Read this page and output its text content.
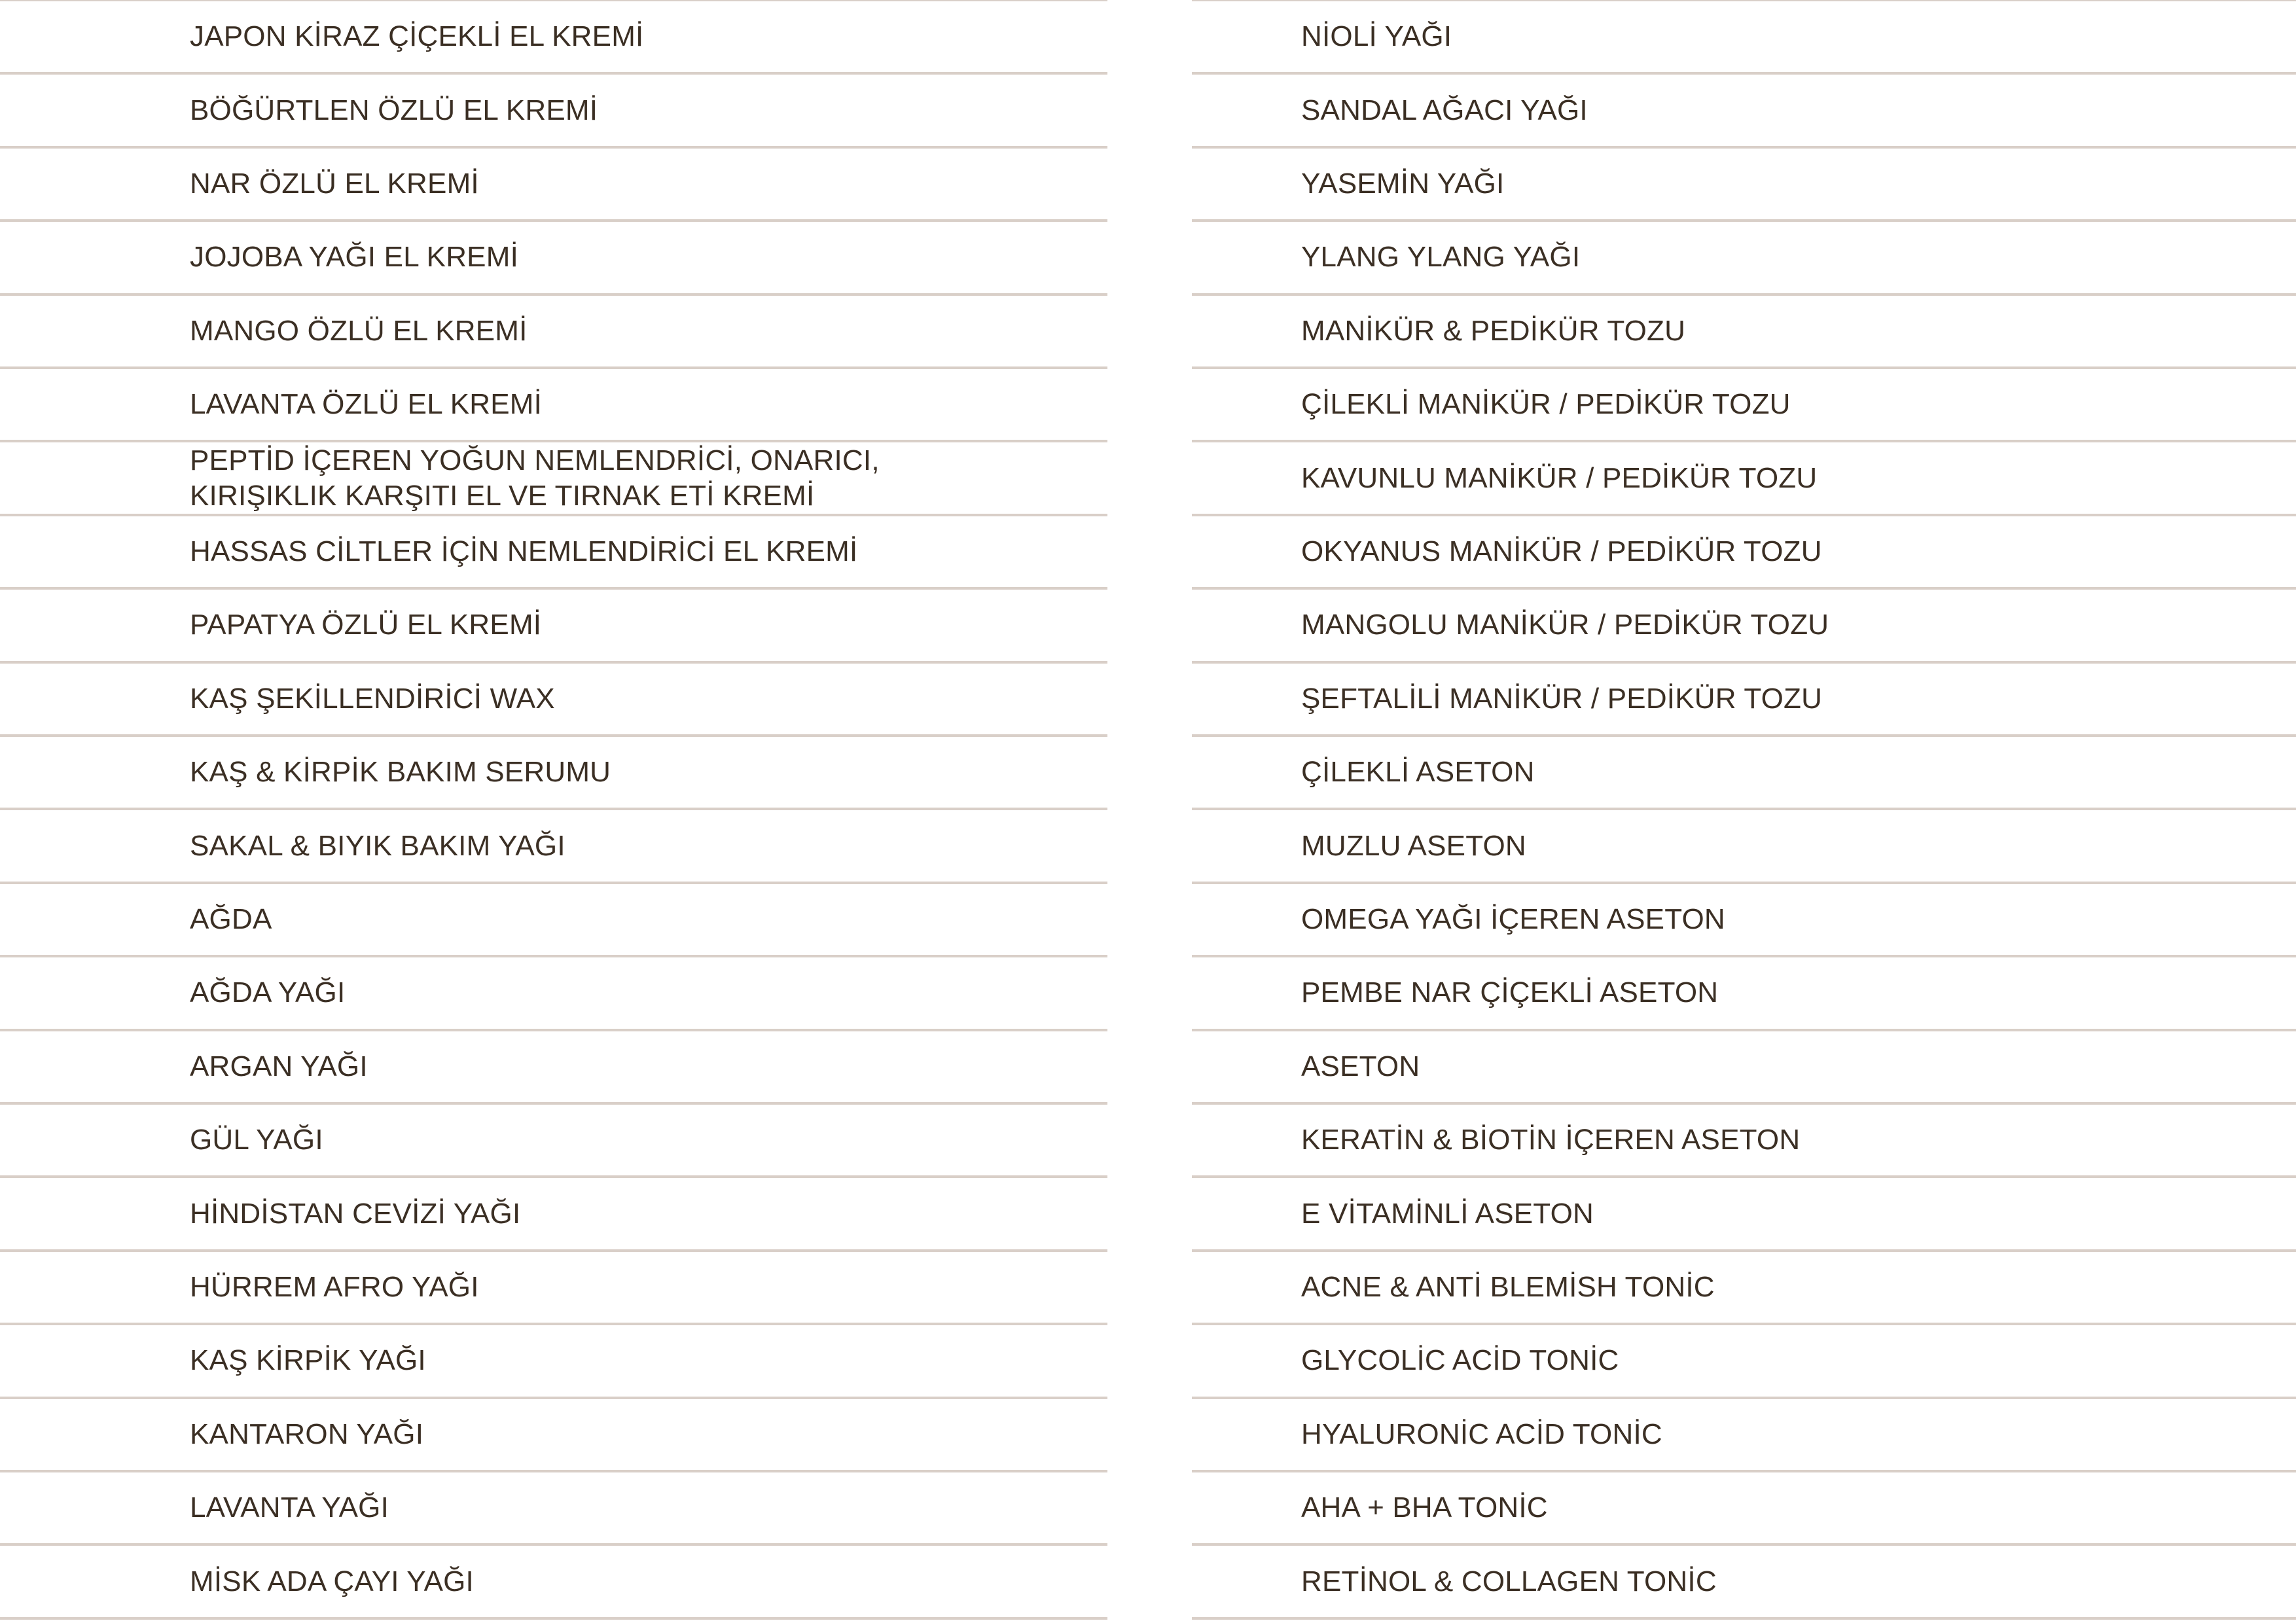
JAPON KİRAZ ÇİÇEKLİ EL KREMİ
BÖĞÜRTLEN ÖZLÜ EL KREMİ
NAR ÖZLÜ EL KREMİ
JOJOBA YAĞI EL KREMİ
MANGO ÖZLÜ EL KREMİ
LAVANTA ÖZLÜ EL KREMİ
PEPTİD İÇEREN YOĞUN NEMLENDRİCİ, ONARICI,
KIRIŞIKLIK KARŞITI EL VE TIRNAK ETİ KREMİ
HASSAS CİLTLER İÇİN NEMLENDİRİCİ EL KREMİ
PAPATYA ÖZLÜ EL KREMİ
KAŞ ŞEKİLLENDİRİCİ WAX
KAŞ & KİRPİK BAKIM SERUMU
SAKAL & BIYIK BAKIM YAĞI
AĞDA
AĞDA YAĞI
ARGAN YAĞI
GÜL YAĞI
HİNDİSTAN CEVİZİ YAĞI
HÜRREM AFRO YAĞI
KAŞ KİRPİK YAĞI
KANTARON YAĞI
LAVANTA YAĞI
MİSK ADA ÇAYI YAĞI
NİOLİ YAĞI
SANDAL AĞACI YAĞI
YASEMİN YAĞI
YLANG YLANG YAĞI
MANİKÜR & PEDİKÜR TOZU
ÇİLEKLİ MANİKÜR / PEDİKÜR TOZU
KAVUNLU MANİKÜR / PEDİKÜR TOZU
OKYANUS MANİKÜR / PEDİKÜR TOZU
MANGOLU MANİKÜR / PEDİKÜR TOZU
ŞEFTALİLİ MANİKÜR / PEDİKÜR TOZU
ÇİLEKLİ ASETON
MUZLU ASETON
OMEGA YAĞI İÇEREN ASETON
PEMBE NAR ÇİÇEKLİ ASETON
ASETON
KERATİN & BİOTİN İÇEREN ASETON
E VİTAMİNLİ ASETON
ACNE & ANTİ BLEMİSH TONİC
GLYCOLİC ACİD TONİC
HYALURONİC ACİD TONİC
AHA + BHA TONİC
RETİNOL & COLLAGEN TONİC
